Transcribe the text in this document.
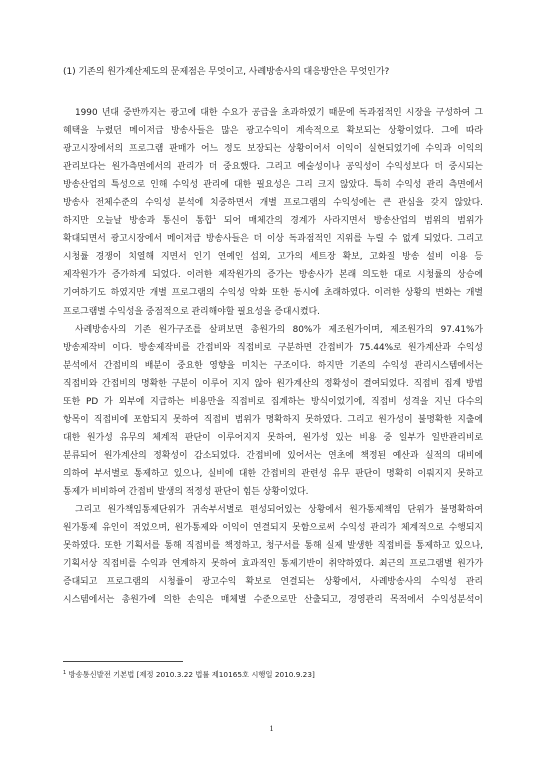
(1) 기존의 원가계산제도의 문제점은 무엇이고, 사례방송사의 대응방안은 무엇인가?
1990 년대 중반까지는 광고에 대한 수요가 공급을 초과하였기 때문에 독과점적인 시장을 구성하여 그
혜택을 누렸던 메이저급 방송사들은 많은 광고수익이 계속적으로 확보되는 상황이었다. 그에 따라
광고시장에서의 프로그램 판매가 어느 정도 보장되는 상황이어서 이익이 실현되었기에 수익과 이익의
관리보다는 원가측면에서의 관리가 더 중요했다. 그리고 예술성이나 공익성이 수익성보다 더 중시되는
방송산업의 특성으로 인해 수익성 관리에 대한 필요성은 그리 크지 않았다. 특히 수익성 관리 측면에서
방송사 전체수준의 수익성 분석에 치중하면서 개별 프로그램의 수익성에는 큰 관심을 갖지 않았다.
하지만 오늘날 방송과 통신이 통합$^1$ 되어 매체간의 경계가 사라지면서 방송산업의 범위의 범위가
확대되면서 광고시장에서 메이저급 방송사들은 더 이상 독과점적인 지위를 누릴 수 없게 되었다. 그리고
시청률 경쟁이 치열해 지면서 인기 연예인 섭외, 고가의 세트장 확보, 고화질 방송 설비 이용 등
제작원가가 증가하게 되었다. 이러한 제작원가의 증가는 방송사가 본래 의도한 대로 시청률의 상승에
기여하기도 하였지만 개별 프로그램의 수익성 악화 또한 동시에 초래하였다. 이러한 상황의 변화는 개별
프로그램별 수익성을 중점적으로 관리해야할 필요성을 증대시켰다.
사례방송사의 기존 원가구조를 살펴보면 총원가의 80%가 제조원가이며, 제조원가의 97.41%가
방송제작비 이다. 방송제작비를 간접비와 직접비로 구분하면 간접비가 75.44%로 원가계산과 수익성
분석에서 간접비의 배분이 중요한 영향을 미치는 구조이다. 하지만 기존의 수익성 관리시스템에서는
직접비와 간접비의 명확한 구분이 이루어 지지 않아 원가계산의 정확성이 결여되었다. 직접비 집계 방법
또한 PD 가 외부에 지급하는 비용만을 직접비로 집계하는 방식이었기에, 직접비 성격을 지닌 다수의
항목이 직접비에 포함되지 못하여 직접비 범위가 명확하지 못하였다. 그리고 원가성이 불명확한 지출에
대한 원가성 유무의 체계적 판단이 이루어지지 못하여, 원가성 있는 비용 중 일부가 일반관리비로
분류되어 원가계산의 정확성이 감소되었다. 간접비에 있어서는 연초에 책정된 예산과 실적의 대비에
의하여 부서별로 통제하고 있으나, 실비에 대한 간접비의 관련성 유무 판단이 명확히 이뤄지지 못하고
통제가 비비하여 간접비 발생의 적정성 판단이 힘든 상황이었다.
그리고 원가책임통제단위가 귀속부서별로 편성되어있는 상황에서 원가통제책임 단위가 불명확하여
원가통제 유인이 적었으며, 원가통제와 이익이 연결되지 못함으로써 수익성 관리가 체계적으로 수행되지
못하였다. 또한 기획서를 통해 직접비를 책정하고, 청구서를 통해 실제 발생한 직접비를 통제하고 있으나,
기획서상 직접비를 수익과 연계하지 못하여 효과적인 통제기반이 취약하였다. 최근의 프로그램별 원가가
증대되고 프로그램의 시청률이 광고수익 확보로 연결되는 상황에서, 사례방송사의 수익성 관리
시스템에서는 총원가에 의한 손익은 매체별 수준으로만 산출되고, 경영관리 목적에서 수익성분석이
$^1$ 방송통신발전 기본법 [제정 2010.3.22 법률 제10165호 시행일 2010.9.23]
1
